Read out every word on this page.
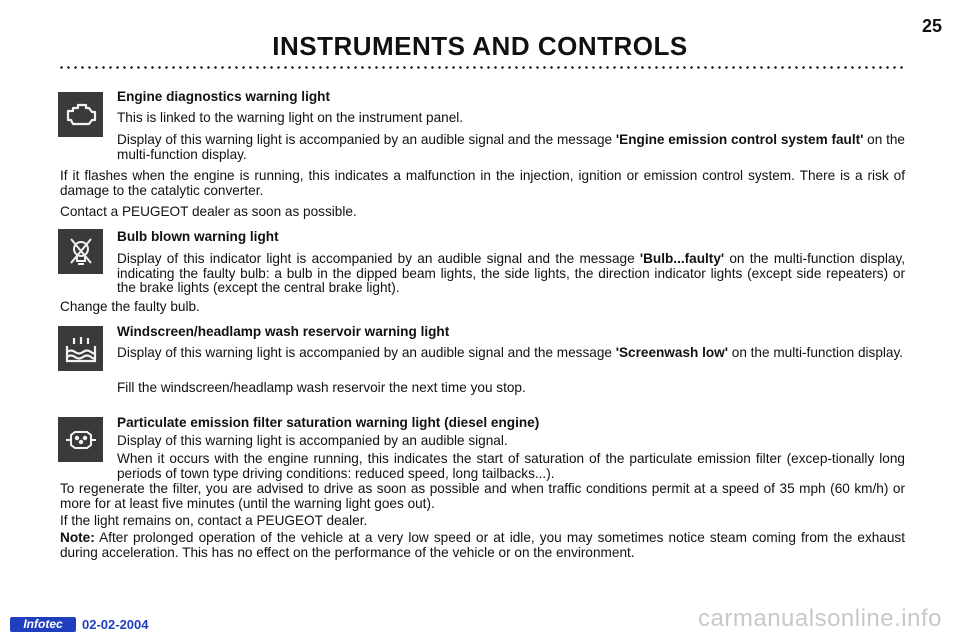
INSTRUMENTS AND CONTROLS
25
Engine diagnostics warning light
This is linked to the warning light on the instrument panel.
Display of this warning light is accompanied by an audible signal and the message 'Engine emission control system fault' on the multi-function display.
If it flashes when the engine is running, this indicates a malfunction in the injection, ignition or emission control system. There is a risk of damage to the catalytic converter.
Contact a PEUGEOT dealer as soon as possible.
Bulb blown warning light
Display of this indicator light is accompanied by an audible signal and the message 'Bulb...faulty' on the multi-function display, indicating the faulty bulb: a bulb in the dipped beam lights, the side lights, the direction indicator lights (except side repeaters) or the brake lights (except the central brake light).
Change the faulty bulb.
Windscreen/headlamp wash reservoir warning light
Display of this warning light is accompanied by an audible signal and the message 'Screenwash low' on the multi-function display.
Fill the windscreen/headlamp wash reservoir the next time you stop.
Particulate emission filter saturation warning light (diesel engine)
Display of this warning light is accompanied by an audible signal.
When it occurs with the engine running, this indicates the start of saturation of the particulate emission filter (excep-tionally long periods of town type driving conditions: reduced speed, long tailbacks...).
To regenerate the filter, you are advised to drive as soon as possible and when traffic conditions permit at a speed of 35 mph (60 km/h) or more for at least five minutes (until the warning light goes out).
If the light remains on, contact a PEUGEOT dealer.
Note: After prolonged operation of the vehicle at a very low speed or at idle, you may sometimes notice steam coming from the exhaust during acceleration. This has no effect on the performance of the vehicle or on the environment.
Infotec	02-02-2004	carmanualsonline.info
